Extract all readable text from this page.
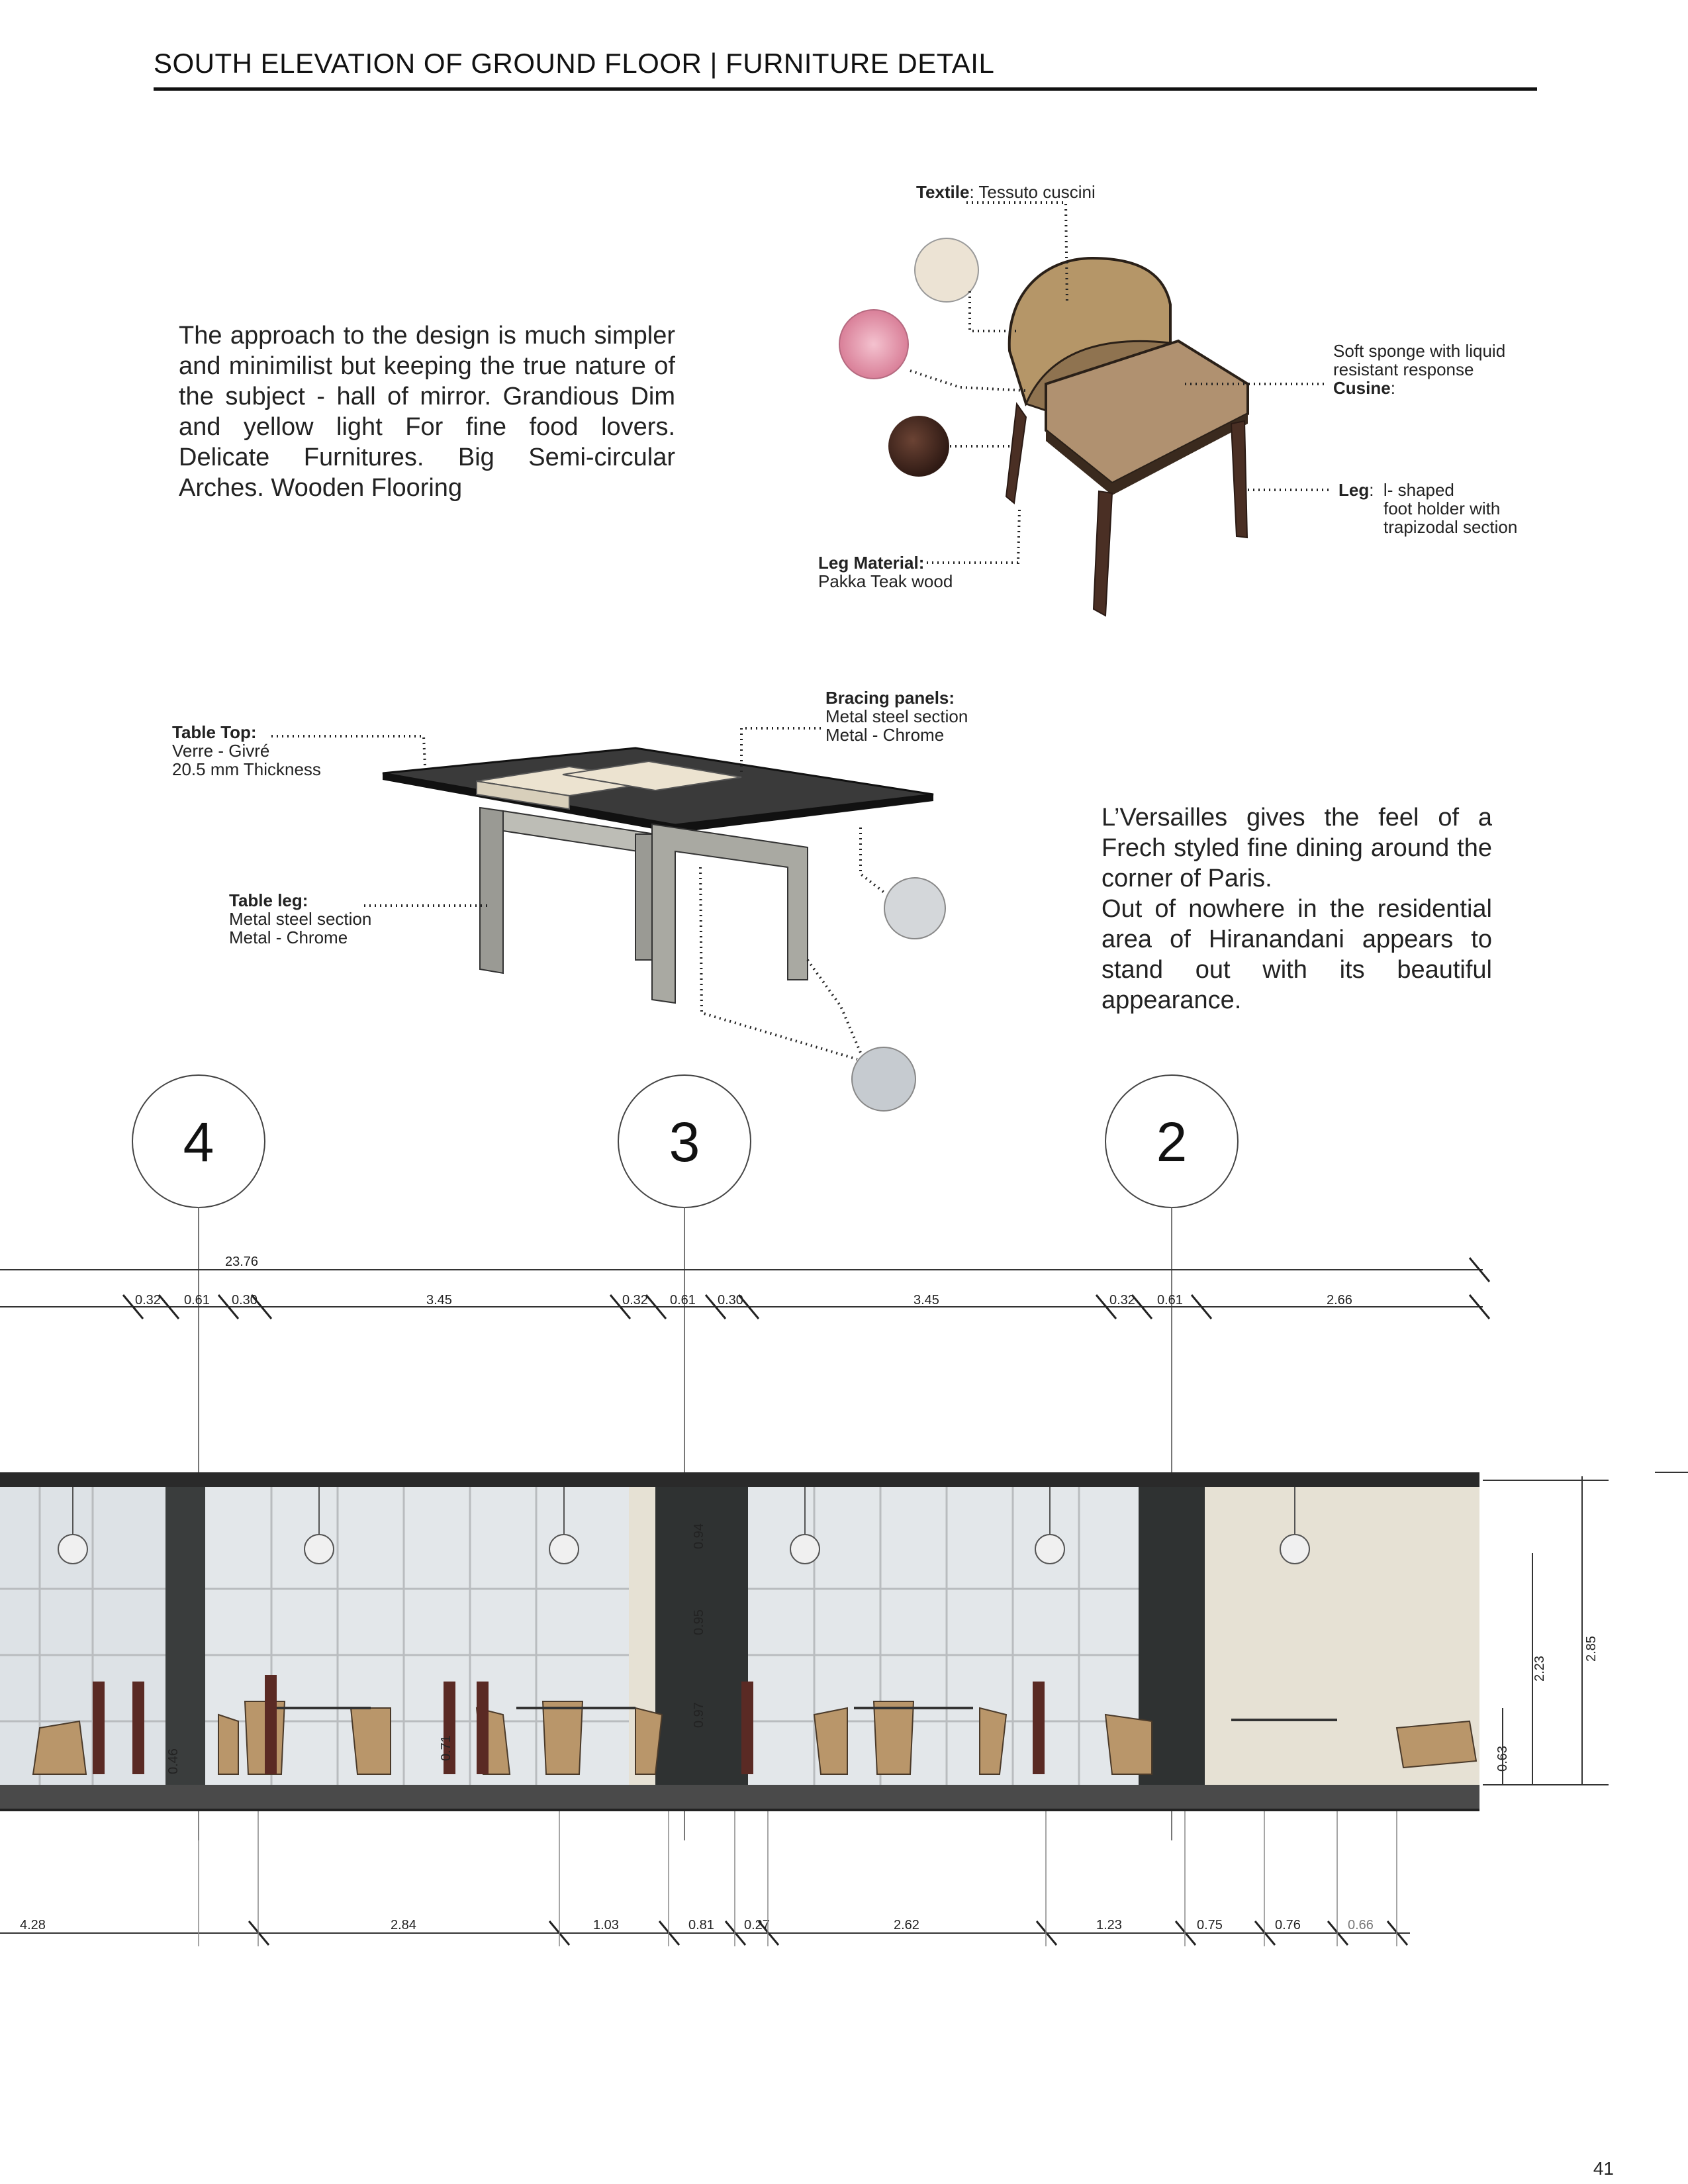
SOUTH ELEVATION OF GROUND FLOOR | FURNITURE DETAIL

The approach to the design is much simpler and minimilist but keeping the true nature of the subject - hall of mirror. Grandious Dim and yellow light For fine food lovers. Delicate Furnitures. Big Semi-circular Arches. Wooden Flooring

L’Versailles gives the feel of a Frech styled fine dining around the corner of Paris.

Out of nowhere in the residential area of Hiranandani appears to stand out with its beautiful appearance.

Textile: Tessuto cuscini
Soft sponge with liquid
resistant response
Cusine:
Leg: l- shaped
foot holder with
trapizodal section
Leg Material:
Pakka Teak wood
Table Top:
Verre - Givré
20.5 mm Thickness
Bracing panels:
Metal steel section
Metal - Chrome
Table leg:
Metal steel section
Metal - Chrome
4	3	2
23.76
0.32 0.61 0.30	3.45	0.32 0.61 0.30	3.45	0.32 0.61	2.66
0.94
0.95
0.97
0.46
0.71
2.23
2.85
0.63
4.28	2.84	1.03	0.81 0.27	2.62	1.23	0.75	0.76	0.66
41
